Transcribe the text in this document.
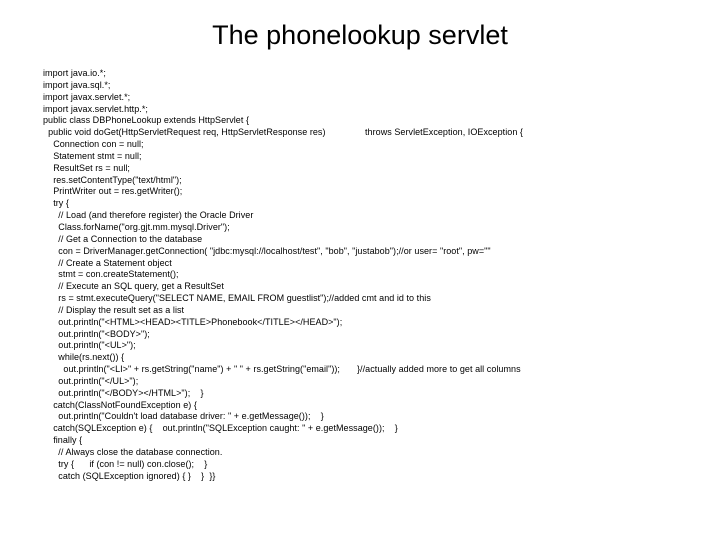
The phonelookup servlet
import java.io.*;
import java.sql.*;
import javax.servlet.*;
import javax.servlet.http.*;
public class DBPhoneLookup extends HttpServlet {
public void doGet(HttpServletRequest req, HttpServletResponse res)	throws ServletException, IOException {
Connection con = null;
Statement stmt = null;
ResultSet rs = null;
res.setContentType("text/html");
PrintWriter out = res.getWriter();
try {
// Load (and therefore register) the Oracle Driver
Class.forName("org.gjt.mm.mysql.Driver");
// Get a Connection to the database
con = DriverManager.getConnection( "jdbc:mysql://localhost/test", "bob", "justabob");//or user= "root", pw=""
// Create a Statement object
stmt = con.createStatement();
// Execute an SQL query, get a ResultSet
rs = stmt.executeQuery("SELECT NAME, EMAIL FROM guestlist");//added cmt and id to this
// Display the result set as a list
out.println("<HTML><HEAD><TITLE>Phonebook</TITLE></HEAD>");
out.println("<BODY>");
out.println("<UL>");
while(rs.next()) {
out.println("<LI>" + rs.getString("name") + " " + rs.getString("email")); }//actually added more to get all columns
out.println("</UL>");
out.println("</BODY></HTML>");    }
catch(ClassNotFoundException e) {
out.println("Couldn't load database driver: " + e.getMessage());    }
catch(SQLException e) {    out.println("SQLException caught: " + e.getMessage());    }
finally {
// Always close the database connection.
try {      if (con != null) con.close();    }
catch (SQLException ignored) { }    }  }}
